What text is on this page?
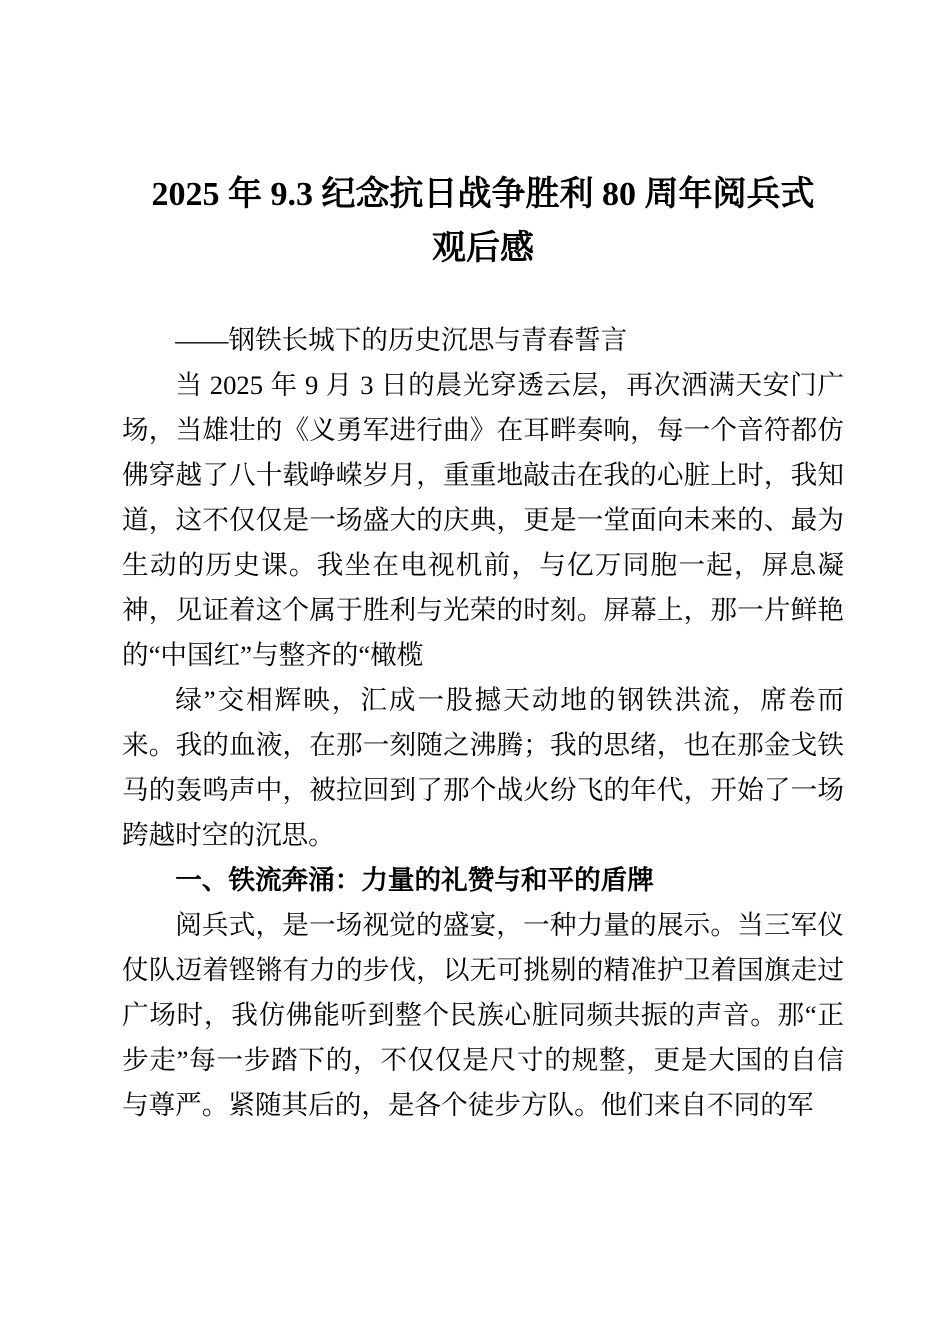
2025 年 9.3 纪念抗日战争胜利 80 周年阅兵式
观后感

——钢铁长城下的历史沉思与青春誓言

当 2025 年 9 月 3 日的晨光穿透云层，再次洒满天安门广场，当雄壮的《义勇军进行曲》在耳畔奏响，每一个音符都仿佛穿越了八十载峥嵘岁月，重重地敲击在我的心脏上时，我知道，这不仅仅是一场盛大的庆典，更是一堂面向未来的、最为生动的历史课。我坐在电视机前，与亿万同胞一起，屏息凝神，见证着这个属于胜利与光荣的时刻。屏幕上，那一片鲜艳的“中国红”与整齐的“橄榄

绿”交相辉映，汇成一股撼天动地的钢铁洪流，席卷而来。我的血液，在那一刻随之沸腾；我的思绪，也在那金戈铁马的轰鸣声中，被拉回到了那个战火纷飞的年代，开始了一场跨越时空的沉思。

一、铁流奔涌：力量的礼赞与和平的盾牌

阅兵式，是一场视觉的盛宴，一种力量的展示。当三军仪仗队迈着铿锵有力的步伐，以无可挑剔的精准护卫着国旗走过广场时，我仿佛能听到整个民族心脏同频共振的声音。那“正步走”每一步踏下的，不仅仅是尺寸的规整，更是大国的自信与尊严。紧随其后的，是各个徒步方队。他们来自不同的军
